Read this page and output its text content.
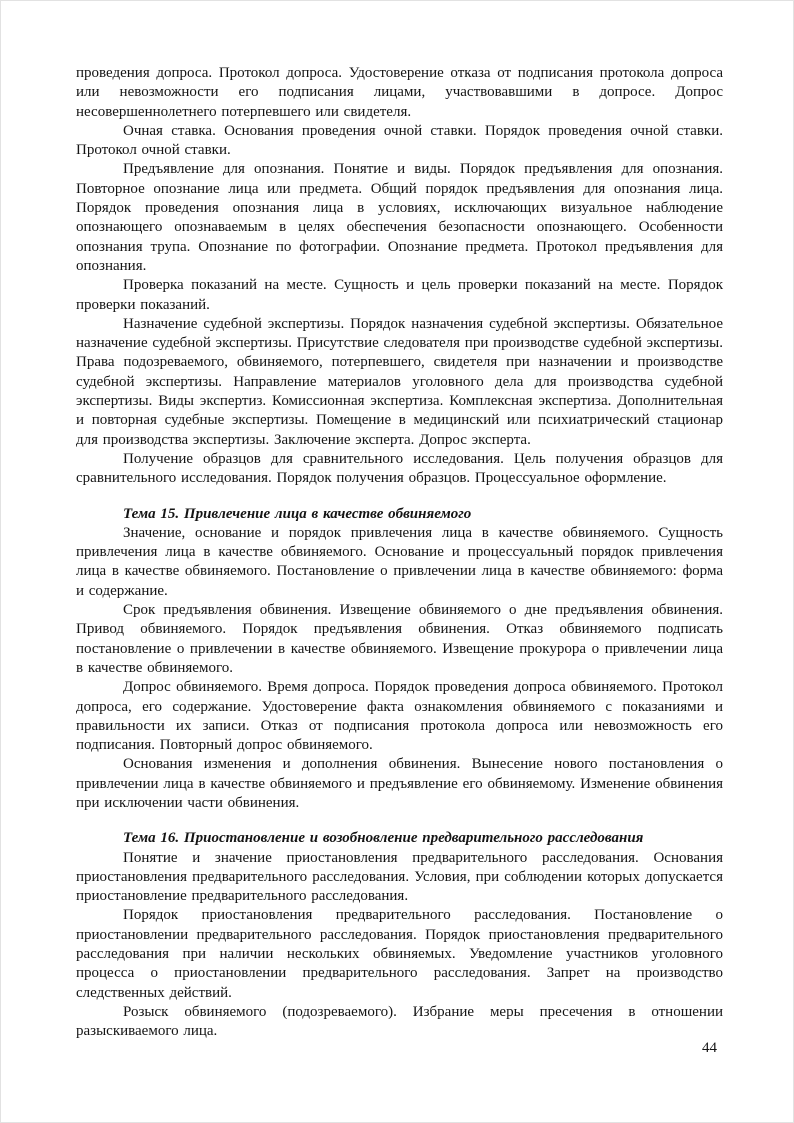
проведения допроса. Протокол допроса. Удостоверение отказа от подписания протокола допроса или невозможности его подписания лицами, участвовавшими в допросе. Допрос несовершеннолетнего потерпевшего или свидетеля.

Очная ставка. Основания проведения очной ставки. Порядок проведения очной ставки. Протокол очной ставки.

Предъявление для опознания. Понятие и виды. Порядок предъявления для опознания. Повторное опознание лица или предмета. Общий порядок предъявления для опознания лица. Порядок проведения опознания лица в условиях, исключающих визуальное наблюдение опознающего опознаваемым в целях обеспечения безопасности опознающего. Особенности опознания трупа. Опознание по фотографии. Опознание предмета. Протокол предъявления для опознания.

Проверка показаний на месте. Сущность и цель проверки показаний на месте. Порядок проверки показаний.

Назначение судебной экспертизы. Порядок назначения судебной экспертизы. Обязательное назначение судебной экспертизы. Присутствие следователя при производстве судебной экспертизы. Права подозреваемого, обвиняемого, потерпевшего, свидетеля при назначении и производстве судебной экспертизы. Направление материалов уголовного дела для производства судебной экспертизы. Виды экспертиз. Комиссионная экспертиза. Комплексная экспертиза. Дополнительная и повторная судебные экспертизы. Помещение в медицинский или психиатрический стационар для производства экспертизы. Заключение эксперта. Допрос эксперта.

Получение образцов для сравнительного исследования. Цель получения образцов для сравнительного исследования. Порядок получения образцов. Процессуальное оформление.

Тема 15. Привлечение лица в качестве обвиняемого

Значение, основание и порядок привлечения лица в качестве обвиняемого. Сущность привлечения лица в качестве обвиняемого. Основание и процессуальный порядок привлечения лица в качестве обвиняемого. Постановление о привлечении лица в качестве обвиняемого: форма и содержание.

Срок предъявления обвинения. Извещение обвиняемого о дне предъявления обвинения. Привод обвиняемого. Порядок предъявления обвинения. Отказ обвиняемого подписать постановление о привлечении в качестве обвиняемого. Извещение прокурора о привлечении лица в качестве обвиняемого.

Допрос обвиняемого. Время допроса. Порядок проведения допроса обвиняемого. Протокол допроса, его содержание. Удостоверение факта ознакомления обвиняемого с показаниями и правильности их записи. Отказ от подписания протокола допроса или невозможность его подписания. Повторный допрос обвиняемого.

Основания изменения и дополнения обвинения. Вынесение нового постановления о привлечении лица в качестве обвиняемого и предъявление его обвиняемому. Изменение обвинения при исключении части обвинения.

Тема 16. Приостановление и возобновление предварительного расследования

Понятие и значение приостановления предварительного расследования. Основания приостановления предварительного расследования. Условия, при соблюдении которых допускается приостановление предварительного расследования.

Порядок приостановления предварительного расследования. Постановление о приостановлении предварительного расследования. Порядок приостановления предварительного расследования при наличии нескольких обвиняемых. Уведомление участников уголовного процесса о приостановлении предварительного расследования. Запрет на производство следственных действий.

Розыск обвиняемого (подозреваемого). Избрание меры пресечения в отношении разыскиваемого лица.

44
